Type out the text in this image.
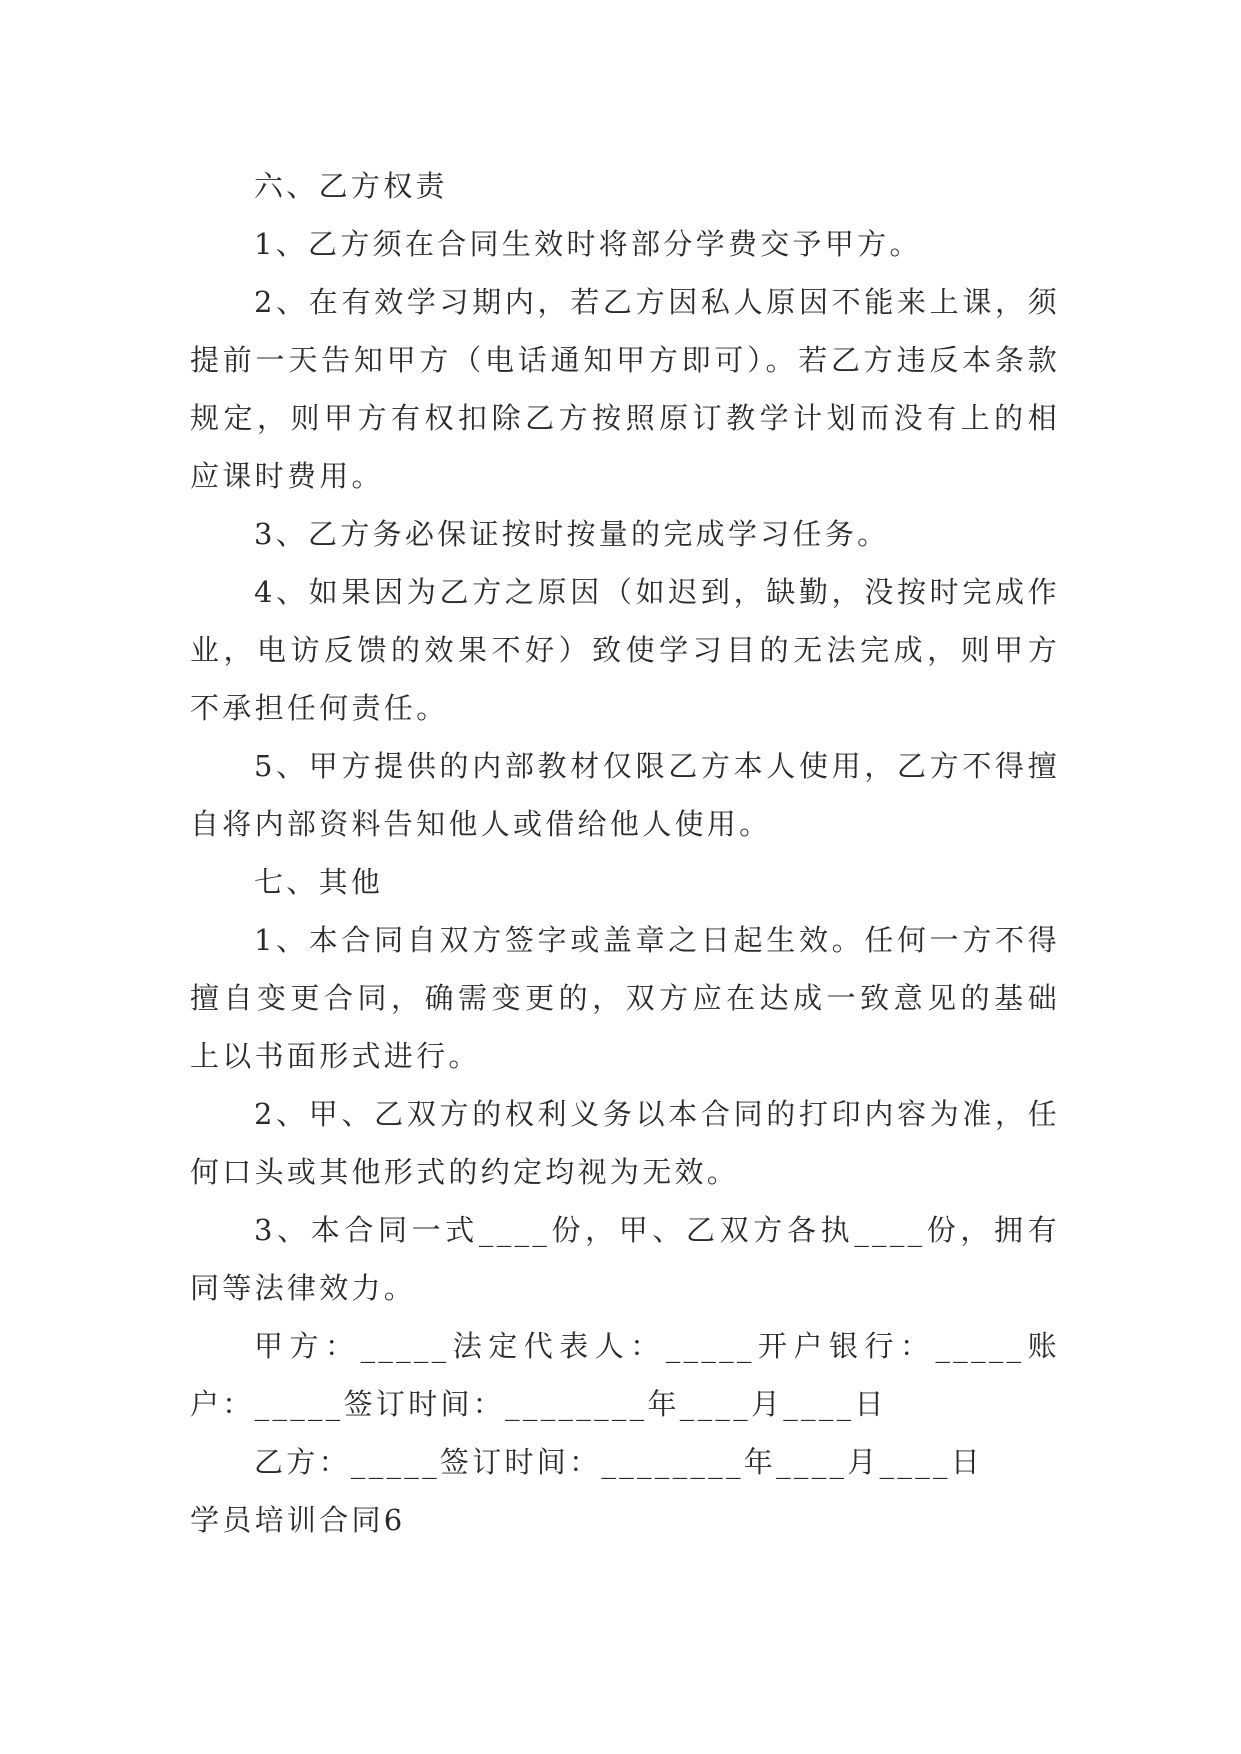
六、乙方权责

1、乙方须在合同生效时将部分学费交予甲方。

2、在有效学习期内，若乙方因私人原因不能来上课，须提前一天告知甲方（电话通知甲方即可）。若乙方违反本条款规定，则甲方有权扣除乙方按照原订教学计划而没有上的相应课时费用。

3、乙方务必保证按时按量的完成学习任务。

4、如果因为乙方之原因（如迟到，缺勤，没按时完成作业，电访反馈的效果不好）致使学习目的无法完成，则甲方不承担任何责任。

5、甲方提供的内部教材仅限乙方本人使用，乙方不得擅自将内部资料告知他人或借给他人使用。

七、其他

1、本合同自双方签字或盖章之日起生效。任何一方不得擅自变更合同，确需变更的，双方应在达成一致意见的基础上以书面形式进行。

2、甲、乙双方的权利义务以本合同的打印内容为准，任何口头或其他形式的约定均视为无效。

3、本合同一式____份，甲、乙双方各执____份，拥有同等法律效力。

甲方：_____法定代表人：_____开户银行：_____账户：_____签订时间：________年____月____日

乙方：_____签订时间：________年____月____日

学员培训合同6
